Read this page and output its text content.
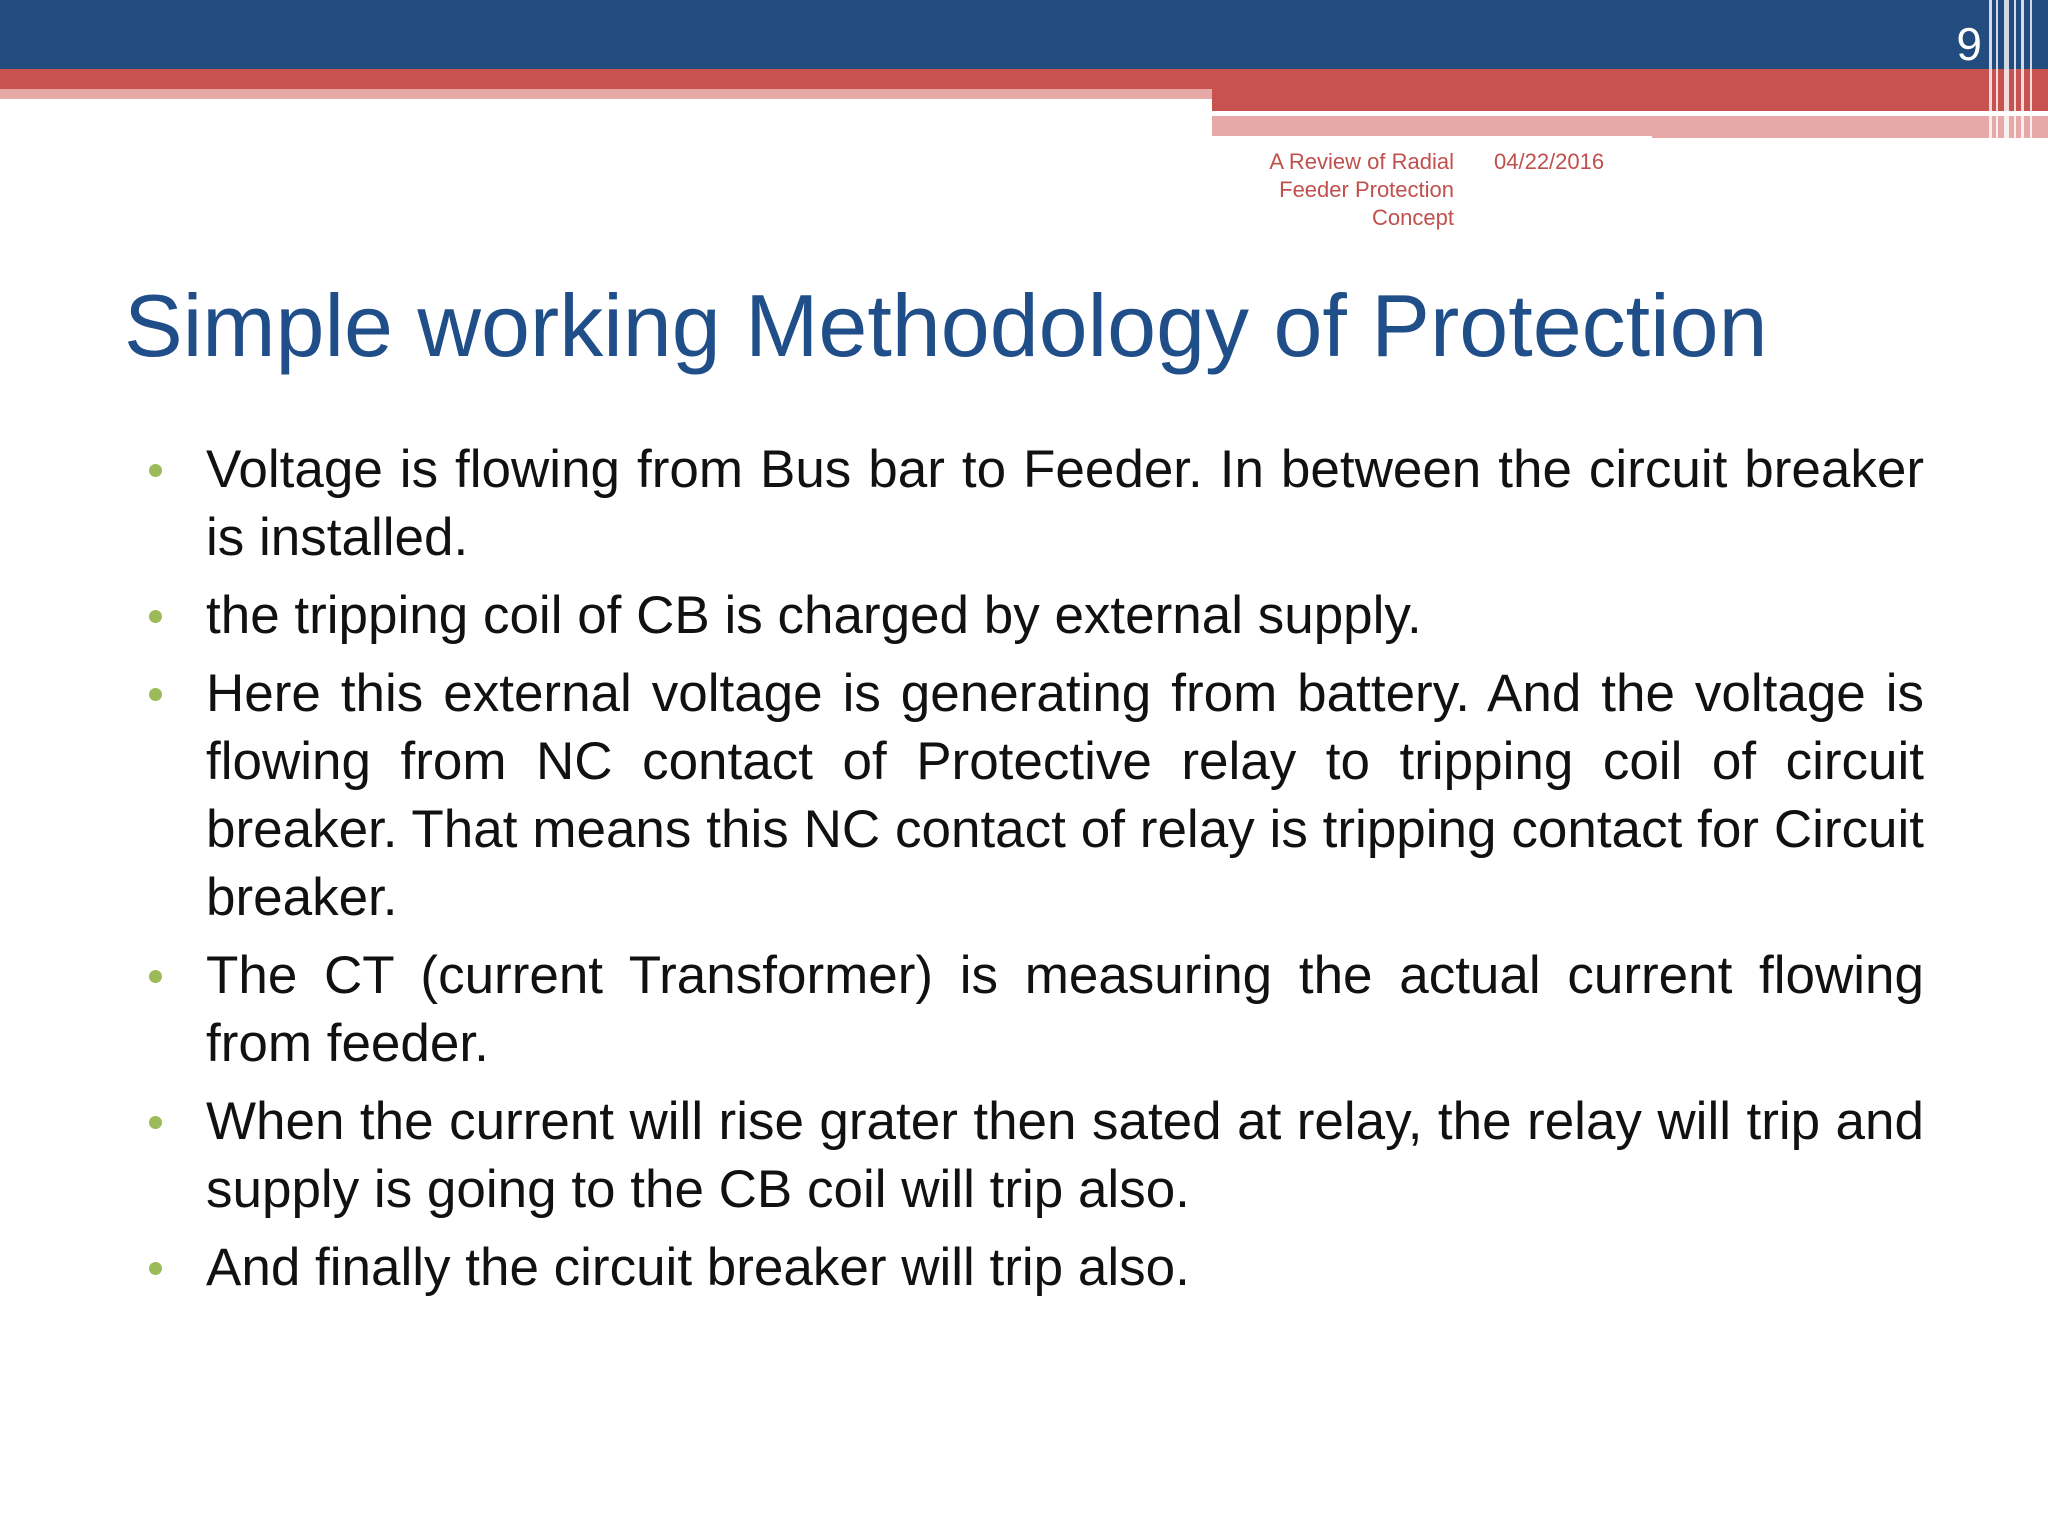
9
A Review of Radial Feeder Protection Concept
04/22/2016
Simple working Methodology of Protection
Voltage is flowing from Bus bar to Feeder. In between the circuit breaker is installed.
the tripping coil of CB is charged by external supply.
Here this external voltage is generating from battery. And the voltage is flowing from NC contact of Protective relay to tripping coil of circuit breaker. That means this NC contact of relay is tripping contact for Circuit breaker.
The CT (current Transformer) is measuring the actual current flowing from feeder.
When the current will rise grater then sated at relay, the relay will trip and supply is going to the CB coil will trip also.
And finally the circuit breaker will trip also.
